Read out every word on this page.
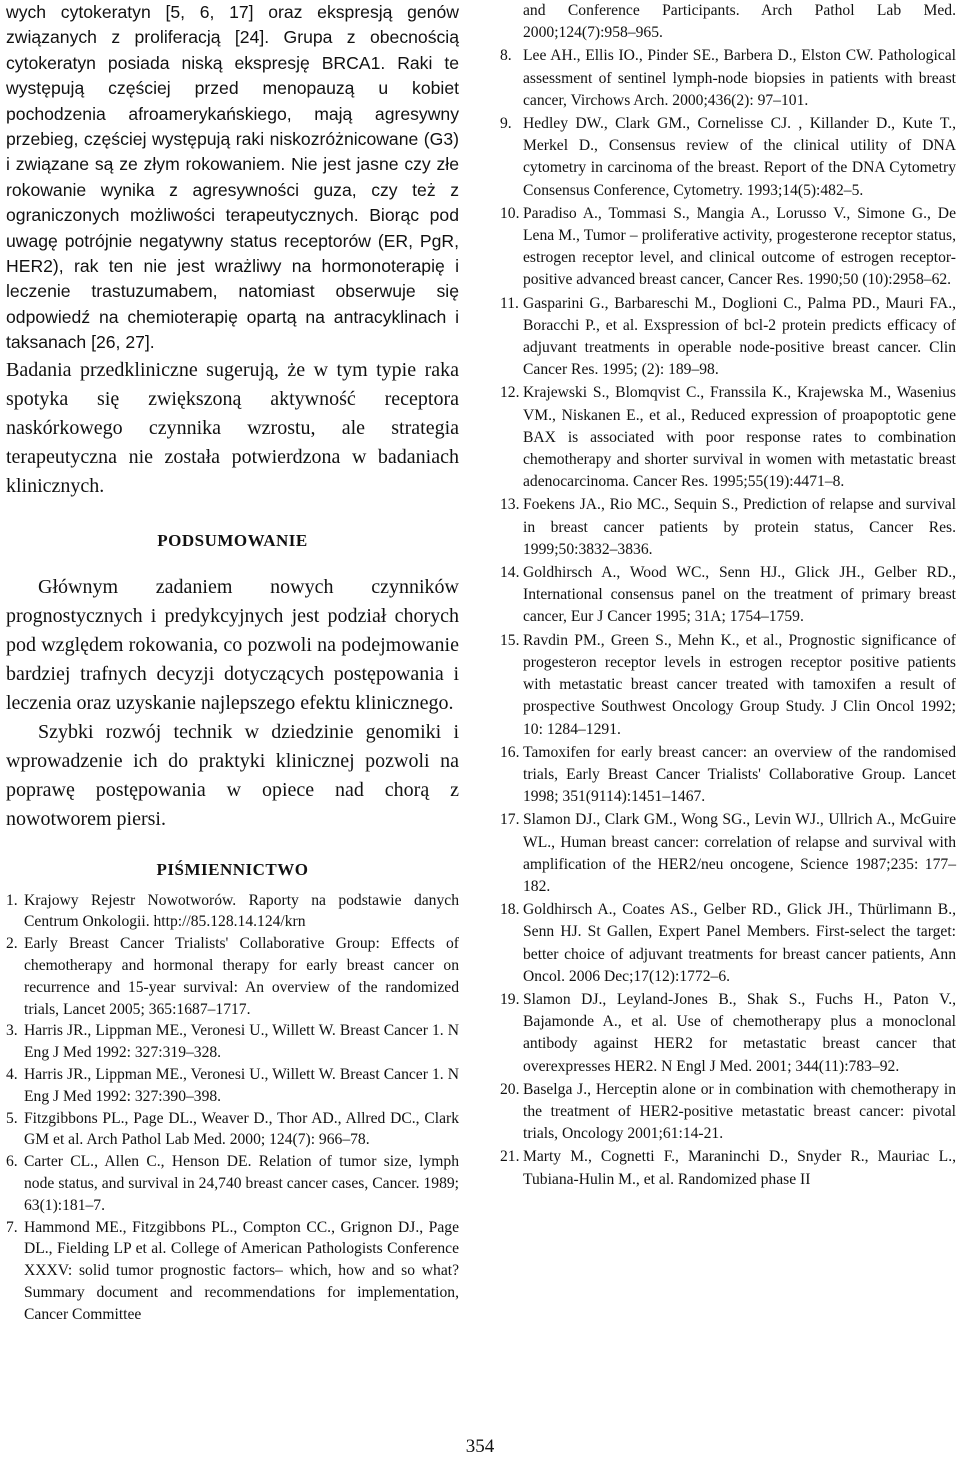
wych cytokeratyn [5, 6, 17] oraz ekspresją genów związanych z proliferacją [24]. Grupa z obecnością cytokeratyn posiada niską ekspresję BRCA1. Raki te występują częściej przed menopauzą u kobiet pochodzenia afroamerykańskiego, mają agresywny przebieg, częściej występują raki niskozróżnicowane (G3) i związane są ze złym rokowaniem. Nie jest jasne czy złe rokowanie wynika z agresywności guza, czy też z ograniczonych możliwości terapeutycznych. Biorąc pod uwagę potrójnie negatywny status receptorów (ER, PgR, HER2), rak ten nie jest wrażliwy na hormonoterapię i leczenie trastuzumabem, natomiast obserwuje się odpowiedź na chemioterapię opartą na antracyklinach i taksanach [26, 27].

Badania przedkliniczne sugerują, że w tym typie raka spotyka się zwiększoną aktywność receptora naskórkowego czynnika wzrostu, ale strategia terapeutyczna nie została potwierdzona w badaniach klinicznych.

PODSUMOWANIE

Głównym zadaniem nowych czynników prognostycznych i predykcyjnych jest podział chorych pod względem rokowania, co pozwoli na podejmowanie bardziej trafnych decyzji dotyczących postępowania i leczenia oraz uzyskanie najlepszego efektu klinicznego.

Szybki rozwój technik w dziedzinie genomiki i wprowadzenie ich do praktyki klinicznej pozwoli na poprawę postępowania w opiece nad chorą z nowotworem piersi.

PIŚMIENNICTWO
1. Krajowy Rejestr Nowotworów. Raporty na podstawie danych Centrum Onkologii. http://85.128.14.124/krn
2. Early Breast Cancer Trialists' Collaborative Group: Effects of chemotherapy and hormonal therapy for early breast cancer on recurrence and 15-year survival: An overview of the randomized trials, Lancet 2005; 365:1687–1717.
3. Harris JR., Lippman ME., Veronesi U., Willett W. Breast Cancer 1. N Eng J Med 1992: 327:319–328.
4. Harris JR., Lippman ME., Veronesi U., Willett W. Breast Cancer 1. N Eng J Med 1992: 327:390–398.
5. Fitzgibbons PL., Page DL., Weaver D., Thor AD., Allred DC., Clark GM et al. Arch Pathol Lab Med. 2000; 124(7): 966–78.
6. Carter CL., Allen C., Henson DE. Relation of tumor size, lymph node status, and survival in 24,740 breast cancer cases, Cancer. 1989; 63(1):181–7.
7. Hammond ME., Fitzgibbons PL., Compton CC., Grignon DJ., Page DL., Fielding LP et al. College of American Pathologists Conference XXXV: solid tumor prognostic factors– which, how and so what? Summary document and recommendations for implementation, Cancer Committee
and Conference Participants. Arch Pathol Lab Med. 2000;124(7):958–965.
8. Lee AH., Ellis IO., Pinder SE., Barbera D., Elston CW. Pathological assessment of sentinel lymph-node biopsies in patients with breast cancer, Virchows Arch. 2000;436(2): 97–101.
9. Hedley DW., Clark GM., Cornelisse CJ. , Killander D., Kute T., Merkel D., Consensus review of the clinical utility of DNA cytometry in carcinoma of the breast. Report of the DNA Cytometry Consensus Conference, Cytometry. 1993;14(5):482–5.
10. Paradiso A., Tommasi S., Mangia A., Lorusso V., Simone G., De Lena M., Tumor – proliferative activity, progesterone receptor status, estrogen receptor level, and clinical outcome of estrogen receptor-positive advanced breast cancer, Cancer Res. 1990;50 (10):2958–62.
11. Gasparini G., Barbareschi M., Doglioni C., Palma PD., Mauri FA., Boracchi P., et al. Exspression of bcl-2 protein predicts efficacy of adjuvant treatments in operable node-positive breast cancer. Clin Cancer Res. 1995; (2): 189–98.
12. Krajewski S., Blomqvist C., Franssila K., Krajewska M., Wasenius VM., Niskanen E., et al., Reduced expression of proapoptotic gene BAX is associated with poor response rates to combination chemotherapy and shorter survival in women with metastatic breast adenocarcinoma. Cancer Res. 1995;55(19):4471–8.
13. Foekens JA., Rio MC., Sequin S., Prediction of relapse and survival in breast cancer patients by protein status, Cancer Res. 1999;50:3832–3836.
14. Goldhirsch A., Wood WC., Senn HJ., Glick JH., Gelber RD., International consensus panel on the treatment of primary breast cancer, Eur J Cancer 1995; 31A; 1754–1759.
15. Ravdin PM., Green S., Mehn K., et al., Prognostic significance of progesteron receptor levels in estrogen receptor positive patients with metastatic breast cancer treated with tamoxifen a result of prospective Southwest Oncology Group Study. J Clin Oncol 1992; 10: 1284–1291.
16. Tamoxifen for early breast cancer: an overview of the randomised trials, Early Breast Cancer Trialists' Collaborative Group. Lancet 1998; 351(9114):1451–1467.
17. Slamon DJ., Clark GM., Wong SG., Levin WJ., Ullrich A., McGuire WL., Human breast cancer: correlation of relapse and survival with amplification of the HER2/neu oncogene, Science 1987;235: 177–182.
18. Goldhirsch A., Coates AS., Gelber RD., Glick JH., Thürlimann B., Senn HJ. St Gallen, Expert Panel Members. First-select the target: better choice of adjuvant treatments for breast cancer patients, Ann Oncol. 2006 Dec;17(12):1772–6.
19. Slamon DJ., Leyland-Jones B., Shak S., Fuchs H., Paton V., Bajamonde A., et al. Use of chemotherapy plus a monoclonal antibody against HER2 for metastatic breast cancer that overexpresses HER2. N Engl J Med. 2001; 344(11):783–92.
20. Baselga J., Herceptin alone or in combination with chemotherapy in the treatment of HER2-positive metastatic breast cancer: pivotal trials, Oncology 2001;61:14-21.
21. Marty M., Cognetti F., Maraninchi D., Snyder R., Mauriac L., Tubiana-Hulin M., et al. Randomized phase II
354
